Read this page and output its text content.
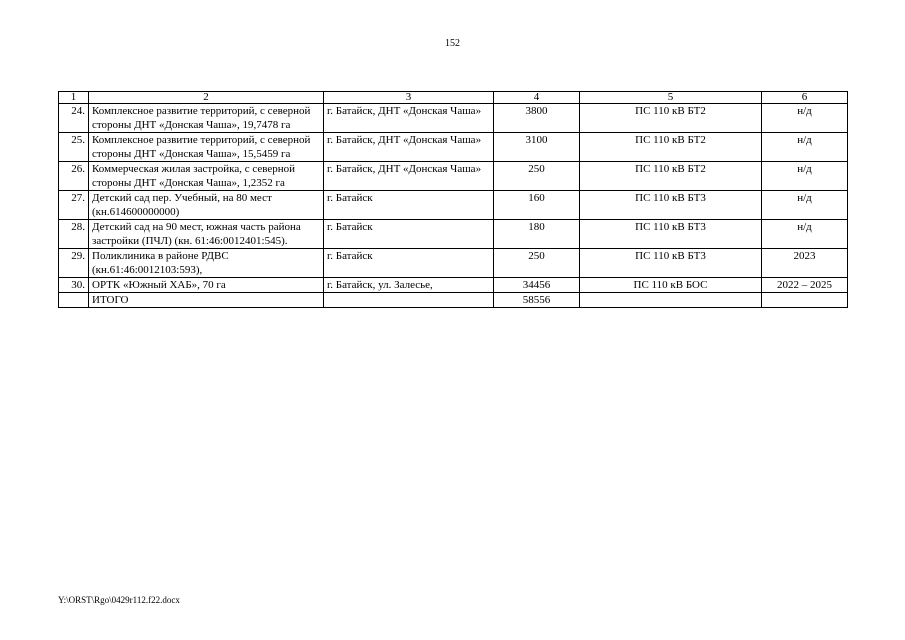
152
1	2	3	4	5	6
24.	Комплексное развитие территорий, с северной стороны ДНТ «Донская Чаша», 19,7478 га	г. Батайск, ДНТ «Донская Чаша»	3800	ПС 110 кВ БТ2	н/д
25.	Комплексное развитие территорий, с северной стороны ДНТ «Донская Чаша», 15,5459 га	г. Батайск, ДНТ «Донская Чаша»	3100	ПС 110 кВ БТ2	н/д
26.	Коммерческая жилая застройка, с северной стороны ДНТ «Донская Чаша», 1,2352 га	г. Батайск, ДНТ «Донская Чаша»	250	ПС 110 кВ БТ2	н/д
27.	Детский сад пер. Учебный, на 80 мест (кн.614600000000)	г. Батайск	160	ПС 110 кВ БТ3	н/д
28.	Детский сад на 90 мест, южная часть района застройки (ПЧЛ) (кн. 61:46:0012401:545).	г. Батайск	180	ПС 110 кВ БТ3	н/д
29.	Поликлиника в районе РДВС (кн.61:46:0012103:593),	г. Батайск	250	ПС 110 кВ БТ3	2023
30.	ОРТК «Южный ХАБ», 70 га	г. Батайск, ул. Залесье,	34456	ПС 110 кВ БОС	2022 – 2025
	ИТОГО		58556		
Y:\ORST\Rgo\0429r112.f22.docx
